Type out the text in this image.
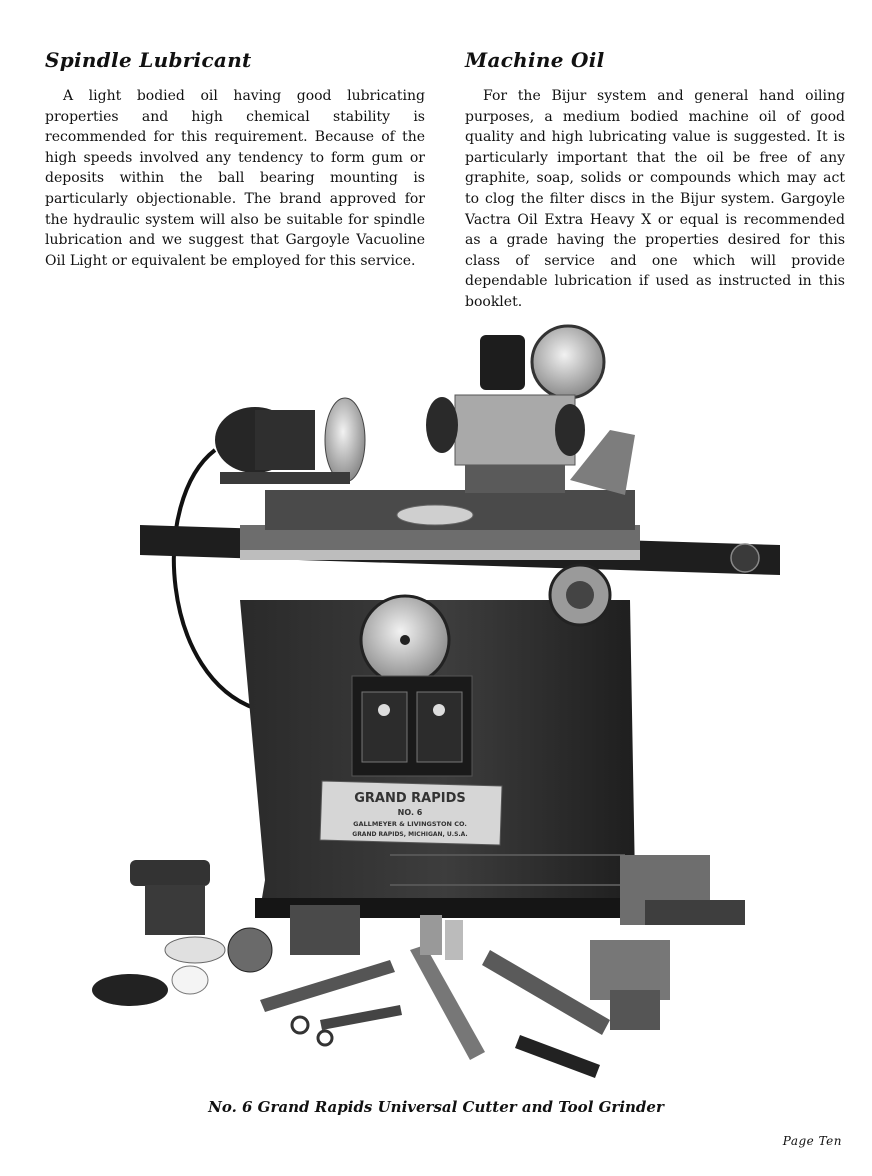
Spindle Lubricant

A light bodied oil having good lubricating properties and high chemical stability is recommended for this requirement. Because of the high speeds involved any tendency to form gum or deposits within the ball bearing mounting is particularly objectionable. The brand approved for the hydraulic system will also be suitable for spindle lubrication and we suggest that Gargoyle Vacuoline Oil Light or equivalent be employed for this service.

Machine Oil

For the Bijur system and general hand oiling purposes, a medium bodied machine oil of good quality and high lubricating value is suggested. It is particularly important that the oil be free of any graphite, soap, solids or compounds which may act to clog the filter discs in the Bijur system. Gargoyle Vactra Oil Extra Heavy X or equal is recommended as a grade having the properties desired for this class of service and one which will provide dependable lubrication if used as instructed in this booklet.

GRAND RAPIDS
NO. 6
GALLMEYER & LIVINGSTON CO.
GRAND RAPIDS, MICHIGAN, U.S.A.
No. 6 Grand Rapids Universal Cutter and Tool Grinder
Page Ten
